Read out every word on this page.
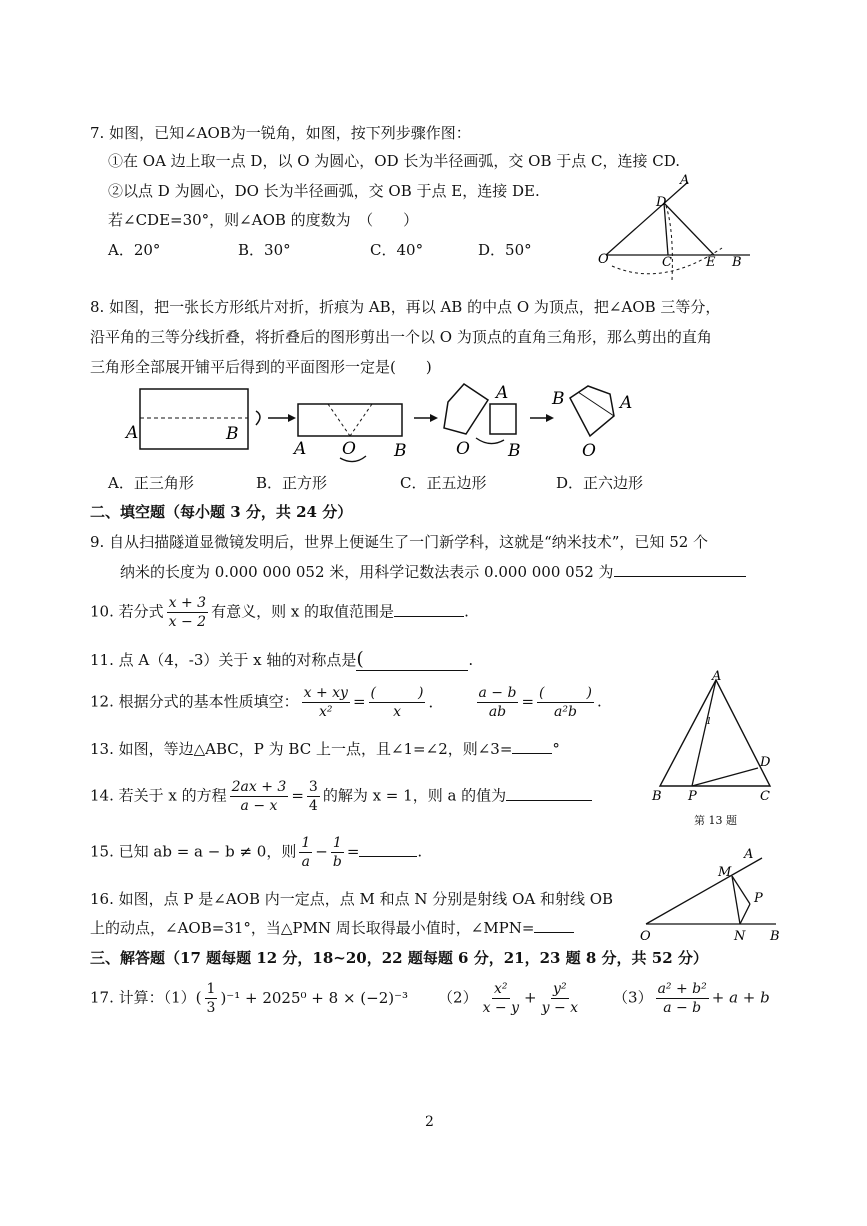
7. 如图，已知∠AOB为一锐角，如图，按下列步骤作图：
①在 OA 边上取一点 D，以 O 为圆心，OD 长为半径画弧，交 OB 于点 C，连接 CD.
②以点 D 为圆心，DO 长为半径画弧，交 OB 于点 E，连接 DE.
若∠CDE=30°，则∠AOB 的度数为　（　　）
A．20°	B．30°	C．40°	D．50°
A
D
O	C	E B
8. 如图，把一张长方形纸片对折，折痕为 AB，再以 AB 的中点 O 为顶点，把∠AOB 三等分，
沿平角的三等分线折叠，将折叠后的图形剪出一个以 O 为顶点的直角三角形，那么剪出的直角
三角形全部展开铺平后得到的平面图形一定是(　　)
A	B
A O B
A
O B
B	A
O
A．正三角形	B．正方形	C．正五边形	D．正六边形
二、填空题（每小题 3 分，共 24 分）
9. 自从扫描隧道显微镜发明后，世界上便诞生了一门新学科，这就是“纳米技术”，已知 52 个
纳米的长度为 0.000 000 052 米，用科学记数法表示 0.000 000 052 为
10. 若分式 $\frac{x + 3}{x - 2}$ 有意义，则 x 的取值范围是	.
11. 点 A（4，-3）关于 x 轴的对称点是(	.
12. 根据分式的基本性质填空： $\frac{x + xy}{\text{x²}} = \frac{( )}{x}$ ． $\frac{a - b}{ab} = \frac{( )}{\text{a²b}}$ .
13. 如图，等边△ABC，P 为 BC 上一点，且∠1=∠2，则∠3=	°
A
B P	C
D
1
第 13 题
14. 若关于 x 的方程 $\frac{2ax + 3}{a - x} = \frac{3}{4}$ 的解为 x = 1，则 a 的值为
15. 已知 ab = a − b ≠ 0，则 $\frac{1}{a} - \frac{1}{b}$ =	.
16. 如图，点 P 是∠AOB 内一定点，点 M 和点 N 分别是射线 OA 和射线 OB
上的动点，∠AOB=31°，当△PMN 周长取得最小值时，∠MPN=
M
A
P
O	N B
三、解答题（17 题每题 12 分，18~20，22 题每题 6 分，21，23 题 8 分，共 52 分）
17. 计算：$(1)( \frac{1}{3} )^{-1} + 2025^0 + 8 \times (-2)^{-3}$ $(2) \frac{\text{x²}}{x - y} + \frac{\text{y²}}{y - x} (3) \frac{\text{a² + b²}}{a - b} + a + b$
2
